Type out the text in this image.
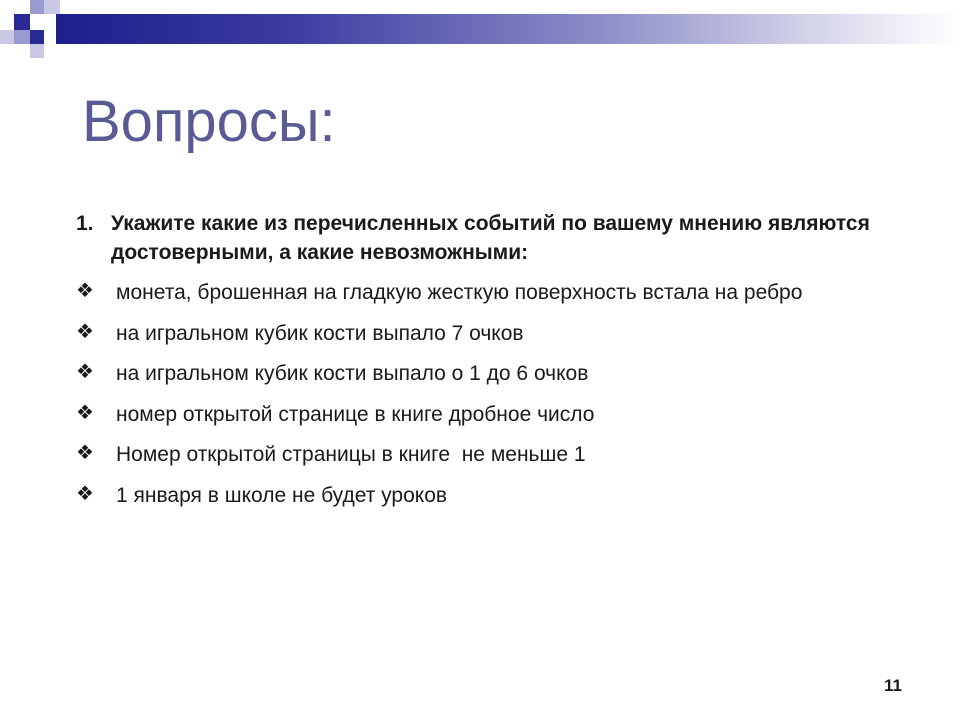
Вопросы:
1. Укажите какие из перечисленных событий по вашему мнению являются достоверными, а какие невозможными:
❖ монета, брошенная на гладкую жесткую поверхность встала на ребро
❖ на игральном кубик кости выпало 7 очков
❖ на игральном кубик кости выпало о 1 до 6 очков
❖ номер открытой странице в книге дробное число
❖ Номер открытой страницы в книге  не меньше 1
❖ 1 января в школе не будет уроков
11
